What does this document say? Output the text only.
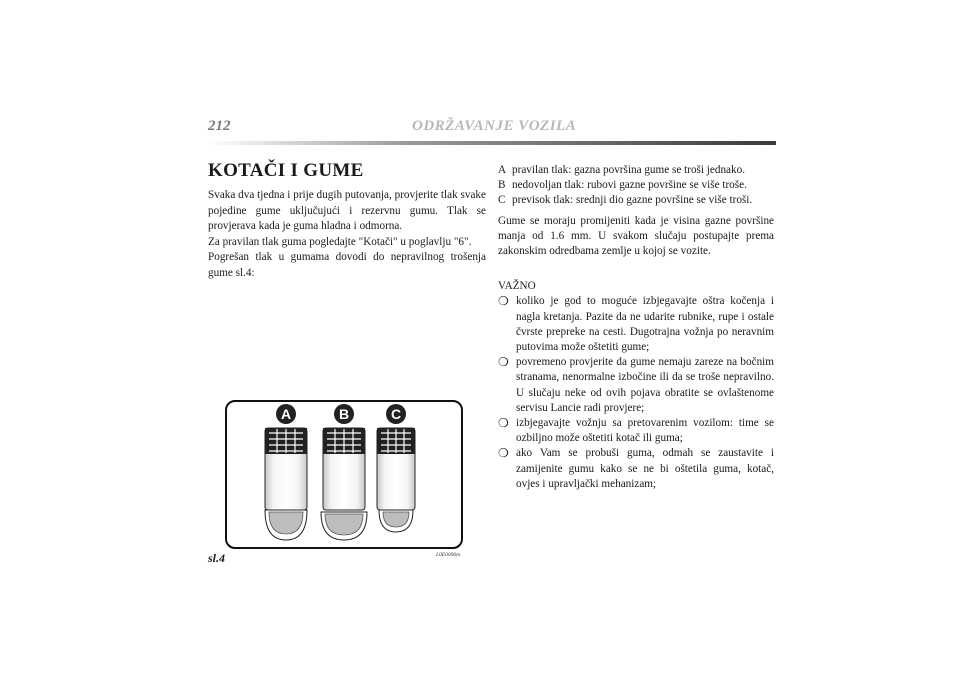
212	ODRŽAVANJE VOZILA
KOTAČI I GUME

Svaka dva tjedna i prije dugih putovanja, provjerite tlak svake pojedine gume uključujući i rezervnu gumu. Tlak se provjerava kada je guma hladna i odmorna.

Za pravilan tlak guma pogledajte "Kotači" u poglavlju "6".

Pogrešan tlak u gumama dovodi do nepravilnog trošenja gume sl.4:

A	B	C
sl.4	L0E0096m
A pravilan tlak: gazna površina gume se troši jednako.
B nedovoljan tlak: rubovi gazne površine se više troše.
C previsok tlak: srednji dio gazne površine se više troši.
Gume se moraju promijeniti kada je visina gazne površine manja od 1.6 mm. U svakom slučaju postupajte prema zakonskim odredbama zemlje u kojoj se vozite.
VAŽNO
❍ koliko je god to moguće izbjegavajte oštra kočenja i nagla kretanja. Pazite da ne udarite rubnike, rupe i ostale čvrste prepreke na cesti. Dugotrajna vožnja po neravnim putovima može oštetiti gume;
❍ povremeno provjerite da gume nemaju zareze na bočnim stranama, nenormalne izbočine ili da se troše nepravilno. U slučaju neke od ovih pojava obratite se ovlaštenome servisu Lancie radi provjere;
❍ izbjegavajte vožnju sa pretovarenim vozilom: time se ozbiljno može oštetiti kotač ili guma;
❍ ako Vam se probuši guma, odmah se zaustavite i zamijenite gumu kako se ne bi oštetila guma, kotač, ovjes i upravljački mehanizam;
